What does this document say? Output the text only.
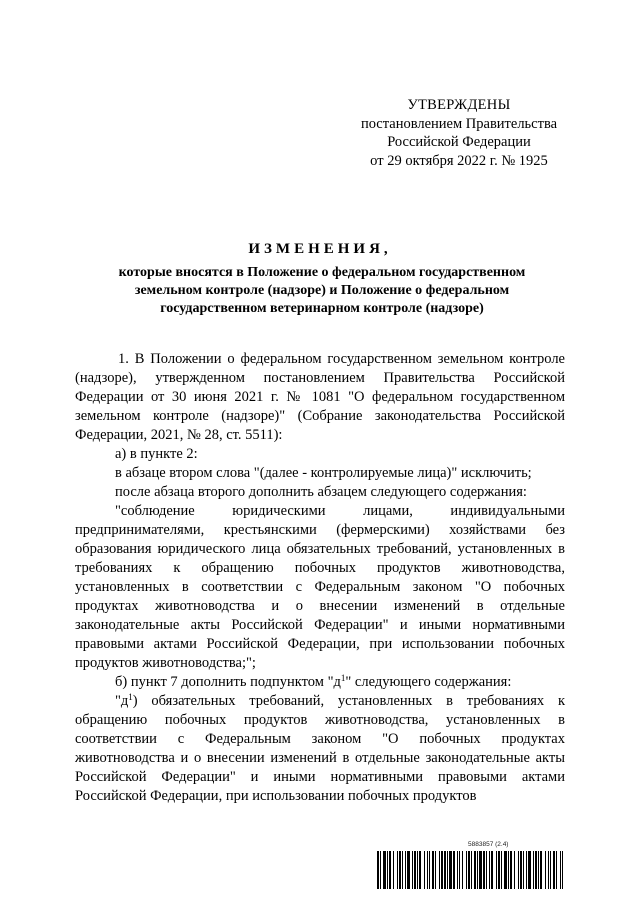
УТВЕРЖДЕНЫ
постановлением Правительства
Российской Федерации
от 29 октября 2022 г. № 1925
ИЗМЕНЕНИЯ,
которые вносятся в Положение о федеральном государственном земельном контроле (надзоре) и Положение о федеральном государственном ветеринарном контроле (надзоре)

1. В Положении о федеральном государственном земельном контроле (надзоре), утвержденном постановлением Правительства Российской Федерации от 30 июня 2021 г. № 1081 "О федеральном государственном земельном контроле (надзоре)" (Собрание законодательства Российской Федерации, 2021, № 28, ст. 5511):

а) в пункте 2:

в абзаце втором слова "(далее - контролируемые лица)" исключить;

после абзаца второго дополнить абзацем следующего содержания:

"соблюдение юридическими лицами, индивидуальными предпринимателями, крестьянскими (фермерскими) хозяйствами без образования юридического лица обязательных требований, установленных в требованиях к обращению побочных продуктов животноводства, установленных в соответствии с Федеральным законом "О побочных продуктах животноводства и о внесении изменений в отдельные законодательные акты Российской Федерации" и иными нормативными правовыми актами Российской Федерации, при использовании побочных продуктов животноводства;";

б) пункт 7 дополнить подпунктом "$д^1$" следующего содержания:

"$д^1$) обязательных требований, установленных в требованиях к обращению побочных продуктов животноводства, установленных в соответствии с Федеральным законом "О побочных продуктах животноводства и о внесении изменений в отдельные законодательные акты Российской Федерации" и иными нормативными правовыми актами Российской Федерации, при использовании побочных продуктов

5883857 (2.4)
